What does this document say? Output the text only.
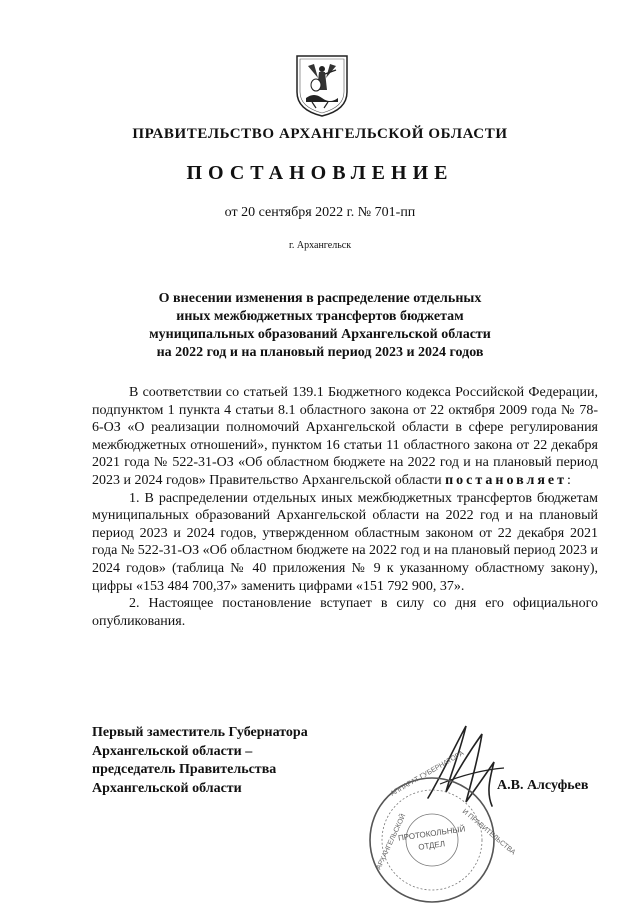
ПРАВИТЕЛЬСТВО АРХАНГЕЛЬСКОЙ ОБЛАСТИ
ПОСТАНОВЛЕНИЕ
от 20 сентября 2022 г. № 701-пп
г. Архангельск
О внесении изменения в распределение отдельных
иных межбюджетных трансфертов бюджетам
муниципальных образований Архангельской области
на 2022 год и на плановый период 2023 и 2024 годов

В соответствии со статьей 139.1 Бюджетного кодекса Российской Федерации, подпунктом 1 пункта 4 статьи 8.1 областного закона от 22 октября 2009 года № 78-6-ОЗ «О реализации полномочий Архангельской области в сфере регулирования межбюджетных отношений», пунктом 16 статьи 11 областного закона от 22 декабря 2021 года № 522-31-ОЗ «Об областном бюджете на 2022 год и на плановый период 2023 и 2024 годов» Правительство Архангельской области постановляет:

1. В распределении отдельных иных межбюджетных трансфертов бюджетам муниципальных образований Архангельской области на 2022 год и на плановый период 2023 и 2024 годов, утвержденном областным законом от 22 декабря 2021 года № 522-31-ОЗ «Об областном бюджете на 2022 год и на плановый период 2023 и 2024 годов» (таблица № 40 приложения № 9 к указанному областному закону), цифры «153 484 700,37» заменить цифрами «151 792 900, 37».

2. Настоящее постановление вступает в силу со дня его официального опубликования.

Первый заместитель Губернатора
Архангельской области –
председатель Правительства
Архангельской области	АППАРАТ ГУБЕРНАТОРА
И ПРАВИТЕЛЬСТВА
АРХАНГЕЛЬСКОЙ
ПРОТОКОЛЬНЫЙ
ОТДЕЛ
А.В. Алсуфьев
